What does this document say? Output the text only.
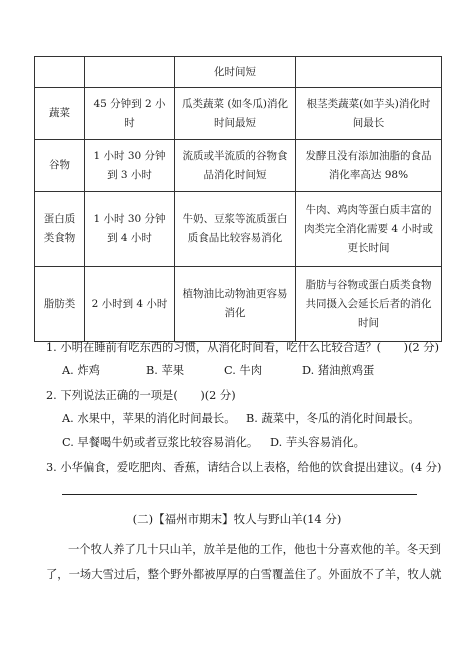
		化时间短	
蔬菜	45 分钟到 2 小时	瓜类蔬菜 (如冬瓜)消化时间最短	根茎类蔬菜(如芋头)消化时间最长
谷物	1 小时 30 分钟到 3 小时	流质或半流质的谷物食品消化时间短	发酵且没有添加油脂的食品消化率高达 98%
蛋白质类食物	1 小时 30 分钟到 4 小时	牛奶、豆浆等流质蛋白质食品比较容易消化	牛肉、鸡肉等蛋白质丰富的肉类完全消化需要 4 小时或更长时间
脂肪类	2 小时到 4 小时	植物油比动物油更容易消化	脂肪与谷物或蛋白质类食物共同摄入会延长后者的消化时间
1. 小明在睡前有吃东西的习惯，从消化时间看，吃什么比较合适？(　　)(2 分)
A. 炸鸡	B. 苹果	C. 牛肉	D. 猪油煎鸡蛋
2. 下列说法正确的一项是(　　)(2 分)
A. 水果中，苹果的消化时间最长。 B. 蔬菜中，冬瓜的消化时间最长。
C. 早餐喝牛奶或者豆浆比较容易消化。 D. 芋头容易消化。
3. 小华偏食，爱吃肥肉、香蕉，请结合以上表格，给他的饮食提出建议。(4 分)
(二)【福州市期末】牧人与野山羊(14 分)
一个牧人养了几十只山羊，放羊是他的工作，他也十分喜欢他的羊。冬天到
了，一场大雪过后，整个野外都被厚厚的白雪覆盖住了。外面放不了羊，牧人就
